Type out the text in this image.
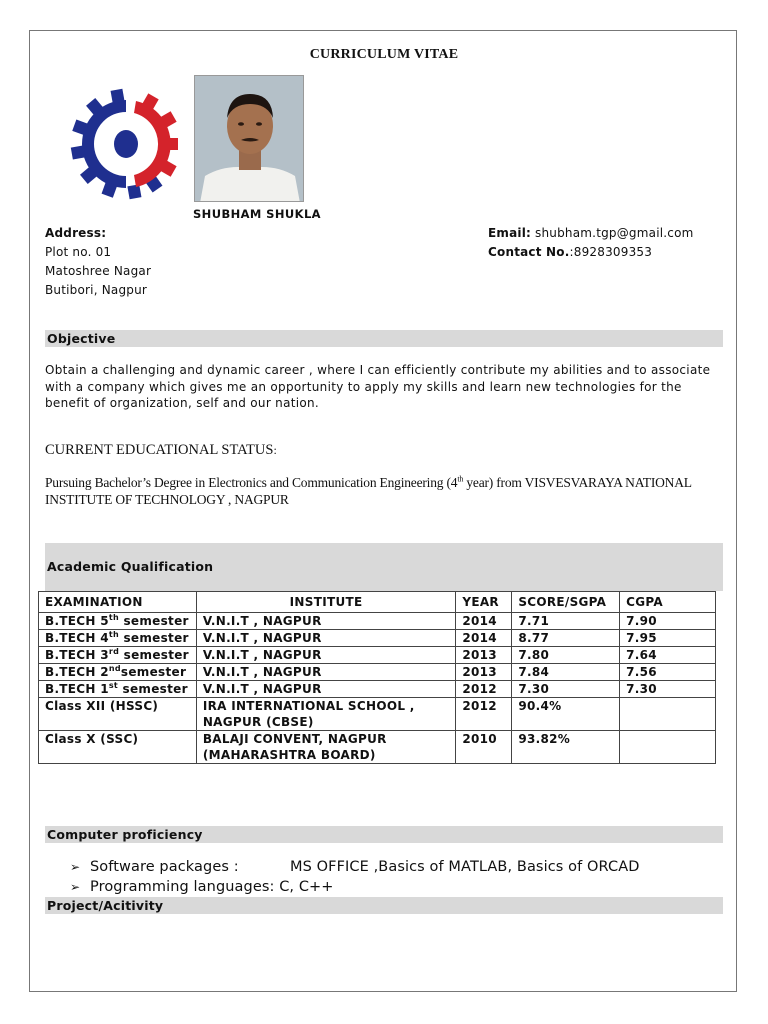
CURRICULUM VITAE
SHUBHAM SHUKLA
Address:
Plot no. 01
Matoshree Nagar
Butibori, Nagpur
Email: shubham.tgp@gmail.com
Contact No.:8928309353
Objective
Obtain a challenging and dynamic career , where I can efficiently contribute my abilities and to associate with a company which gives me an opportunity to apply my skills and learn new technologies for the benefit of organization, self and our nation.
CURRENT EDUCATIONAL STATUS:
Pursuing Bachelor’s Degree in Electronics and Communication Engineering (4th year) from VISVESVARAYA NATIONAL INSTITUTE OF TECHNOLOGY , NAGPUR
Academic Qualification
EXAMINATION	INSTITUTE	YEAR	SCORE/SGPA	CGPA
B.TECH 5th semester	V.N.I.T , NAGPUR	2014	7.71	7.90
B.TECH 4th semester	V.N.I.T , NAGPUR	2014	8.77	7.95
B.TECH 3rd semester	V.N.I.T , NAGPUR	2013	7.80	7.64
B.TECH 2ndsemester	V.N.I.T , NAGPUR	2013	7.84	7.56
B.TECH 1st semester	V.N.I.T , NAGPUR	2012	7.30	7.30
Class XII (HSSC)	IRA INTERNATIONAL SCHOOL , NAGPUR (CBSE)	2012	90.4%	
Class X (SSC)	BALAJI CONVENT, NAGPUR (MAHARASHTRA BOARD)	2010	93.82%	
Computer proficiency
➢ Software packages :	MS OFFICE ,Basics of MATLAB, Basics of ORCAD
➢ Programming languages: C, C++
Project/Acitivity
